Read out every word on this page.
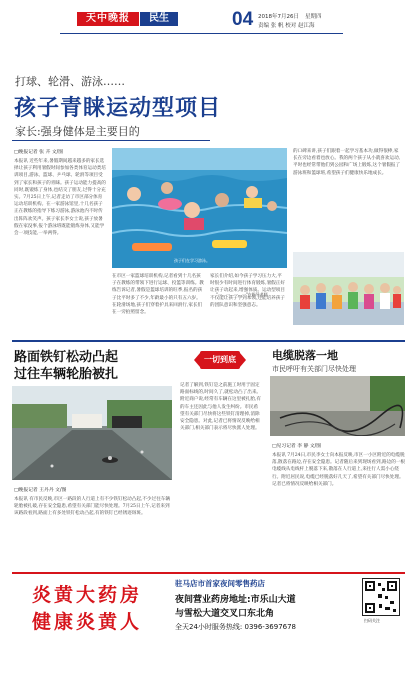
天中晚报	民生	04 2018年7月26日 星期四
责编 张 帆 校对 赵江海
打球、轮滑、游泳……
孩子青睐运动型项目
家长:强身健体是主要目的
□晚报记者 张 卉 文/图
本报讯 近些年来,暑假期间越来越多的家长选择让孩子利用暑假时间参加各类体育运动类培训项目,游泳、篮球、乒乓球、轮滑等项目受到了家长和孩子的青睐。孩子运动能力提高的同时,既锻炼了身体,也结交了朋友,过得十分充实。7月25日上午,记者走访了市区部分体育运动培训机构。在一家游泳馆里,十几名孩子正在教练的指导下练习游泳,游泳池内不时传出阵阵欢笑声。孩子家长李女士说,孩子放暑假在家没事,报个游泳班既能锻炼身体,又能学会一项技能,一举两得。
在市区一家篮球培训机构,记者看到十几名孩子在教练的带领下进行运球、投篮等训练。教练告诉记者,暑假是篮球培训的旺季,报名的孩子比平时多了不少,年龄最小的只有五六岁。在轮滑场地,孩子们穿着护具来回滑行,家长们在一旁拍照留念。
家长们介绍,如今孩子学习压力大,平时很少有时间进行体育锻炼,暑假正好让孩子动起来,增强体质。运动型项目不仅能让孩子学到本领,还能培养孩子的团队意识和坚强意志。
孩子们在学习游泳。
的口碑来讲,孩子们跟着一起学习基本功,做得很棒,家长在旁边看着也放心。我的两个孩子从小就喜欢运动,平时也经常带他们到公园和广场上锻炼,这个暑假报了游泳班和篮球班,希望孩子们健康快乐地成长。
"一…一…一…一"在指导老师
路面铁钉松动凸起
过往车辆轮胎被扎
□晚报记者 王丹丹 文/图
本报讯 有市民反映,市区一路段的人行道上有不少铁钉松动凸起,不少过往车辆轮胎被扎破,存在安全隐患,希望有关部门能尽快处理。7月25日上午,记者来到该路段看到,路面上有多处铁钉松动凸起,有的铁钉已经锈迹斑斑。
一切到底
记者了解到,铁钉是之前施工时用于固定路面标线的,时间久了,就松动凸了出来。附近商户说,经常有车辆在这里被扎胎,有的车主还因此与他人发生纠纷。市民希望有关部门尽快将这些铁钉清理掉,消除安全隐患。对此,记者已将情况反映给相关部门,相关部门表示将尽快派人处理。
电缆脱落一地
市民呼吁有关部门尽快处理
□见习记者 李 静 文/图
本报讯 7月24日,市民李女士向本报反映,市区一小区附近的电缆脱落,散落在路边,存在安全隐患。记者随后来到现场看到,路边的一根电缆线从电线杆上脱落下来,散落在人行道上,来往行人需小心绕行。附近居民说,电缆已经脱落好几天了,希望有关部门尽快处理。记者已将情况反映给相关部门。
炎黄大药房
健康炎黄人
驻马店市首家夜间零售药店
夜间营业药房地址:市乐山大道
与雪松大道交叉口东北角
全天24小时服务热线: 0396-3697678
扫码关注
